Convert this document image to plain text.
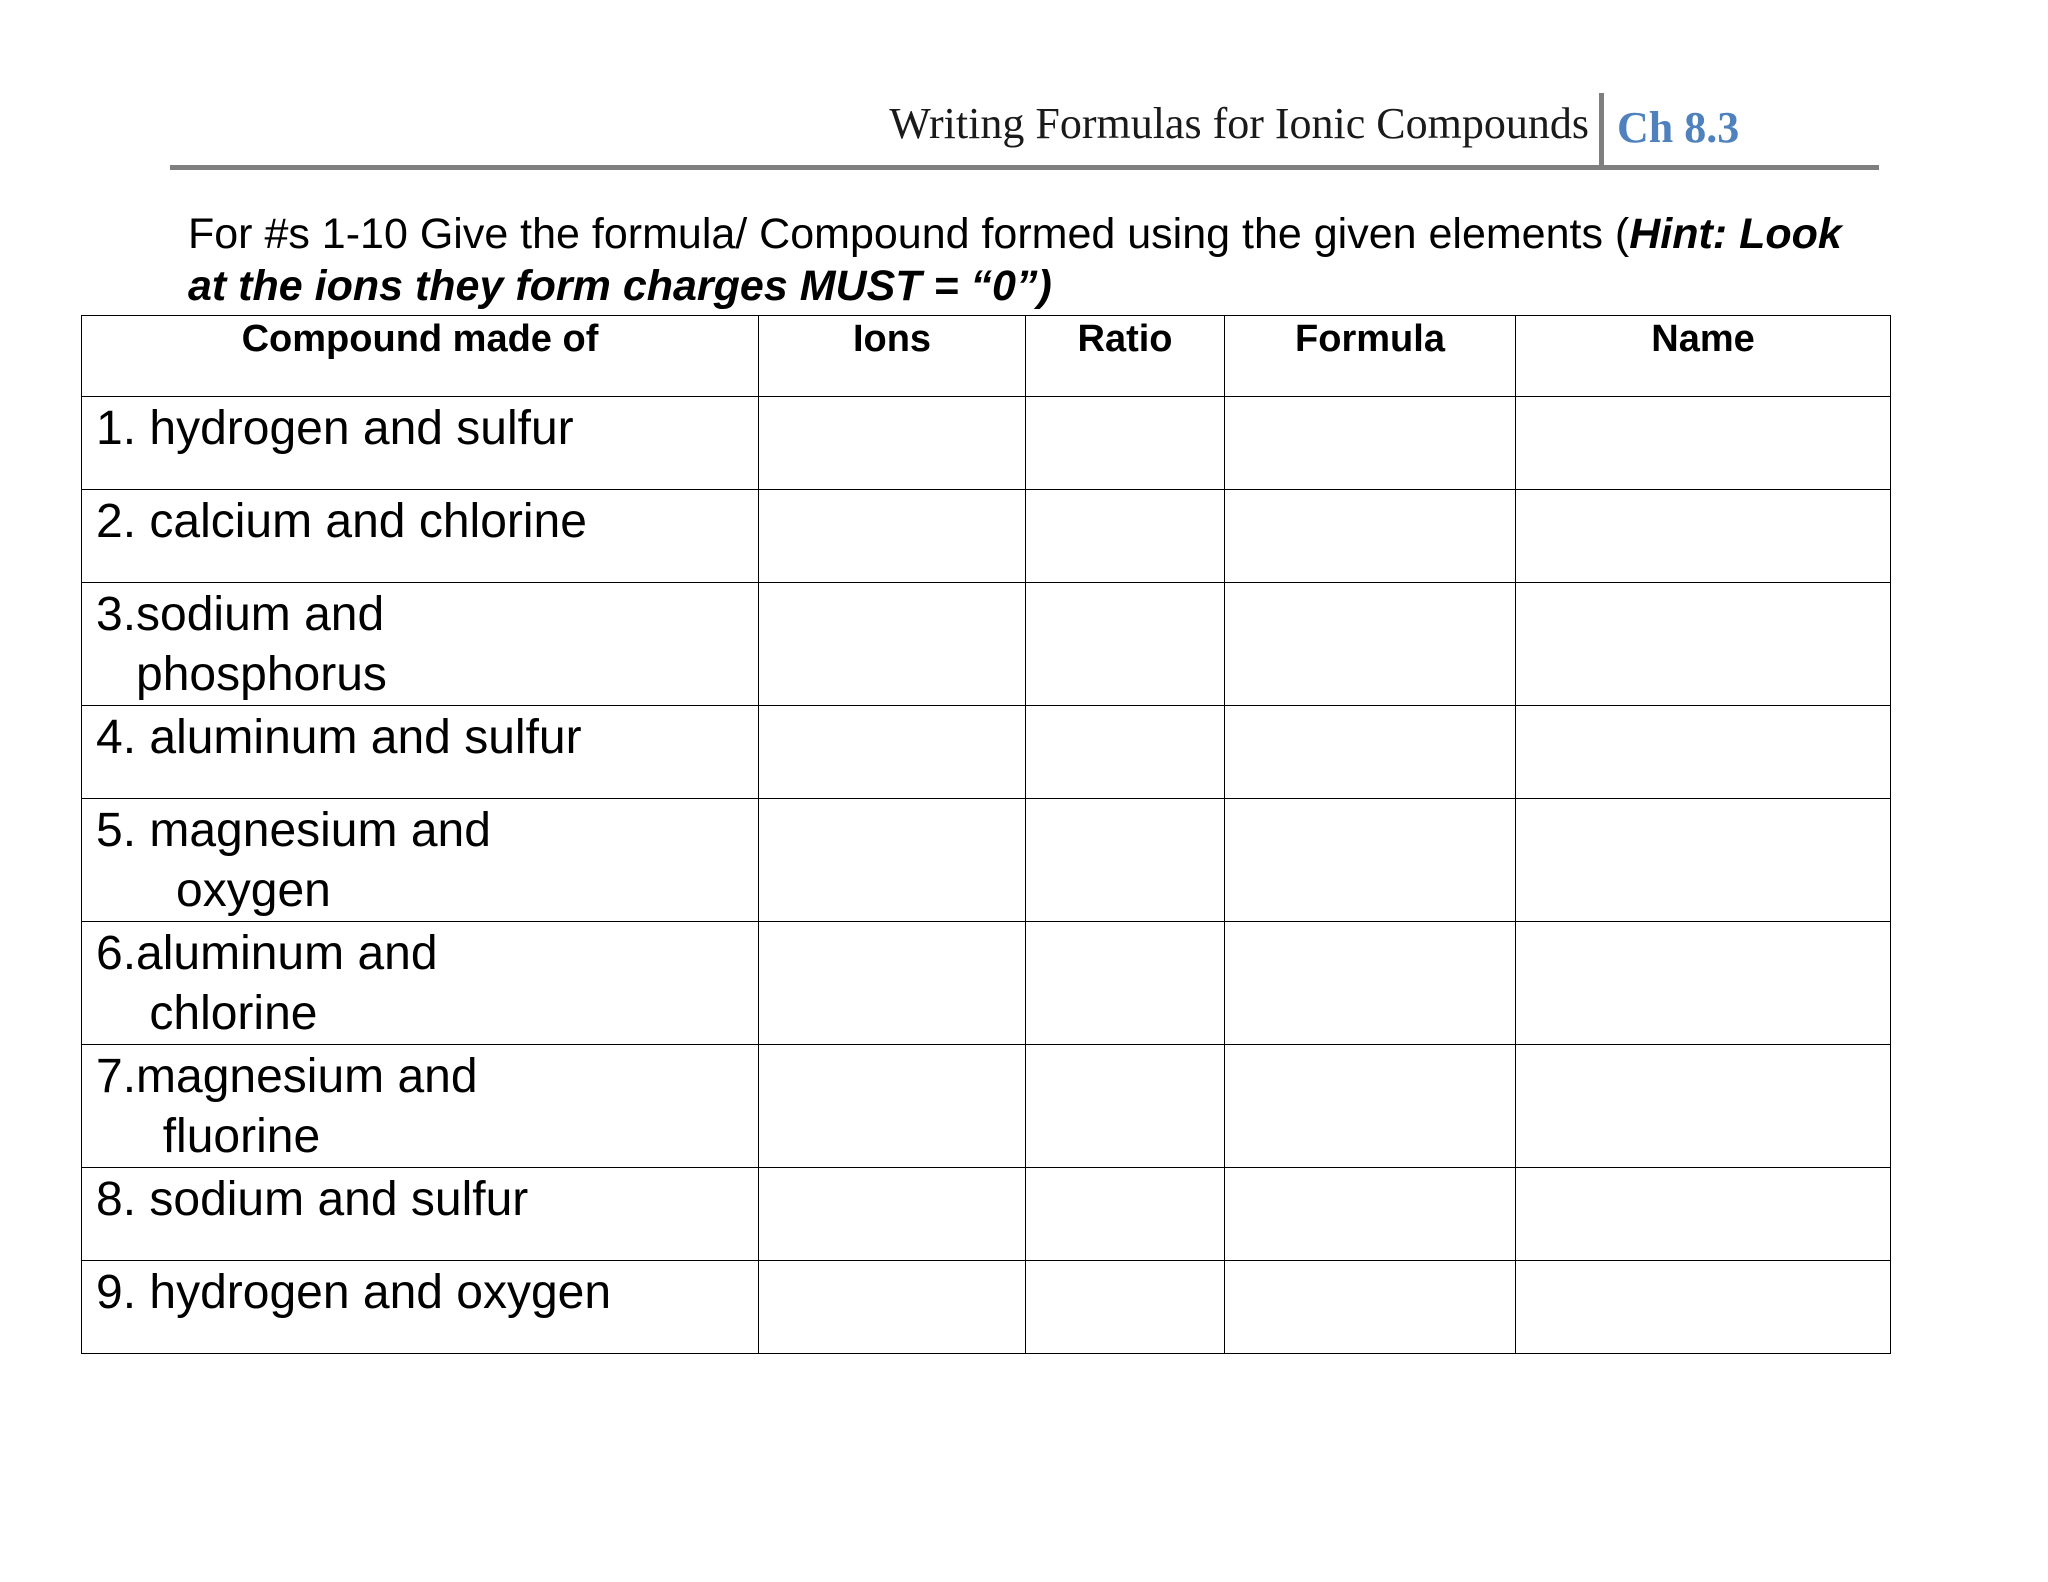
Writing Formulas for Ionic Compounds Ch 8.3
For #s 1-10 Give the formula/ Compound formed using the given elements (Hint: Look at the ions they form charges MUST = “0”)
Compound made of	Ions	Ratio	Formula	Name
1. hydrogen and sulfur				
2. calcium and chlorine				
3.sodium and
phosphorus				
4. aluminum and sulfur				
5. magnesium and
oxygen				
6.aluminum and
chlorine				
7.magnesium and
fluorine				
8. sodium and sulfur				
9. hydrogen and oxygen				
